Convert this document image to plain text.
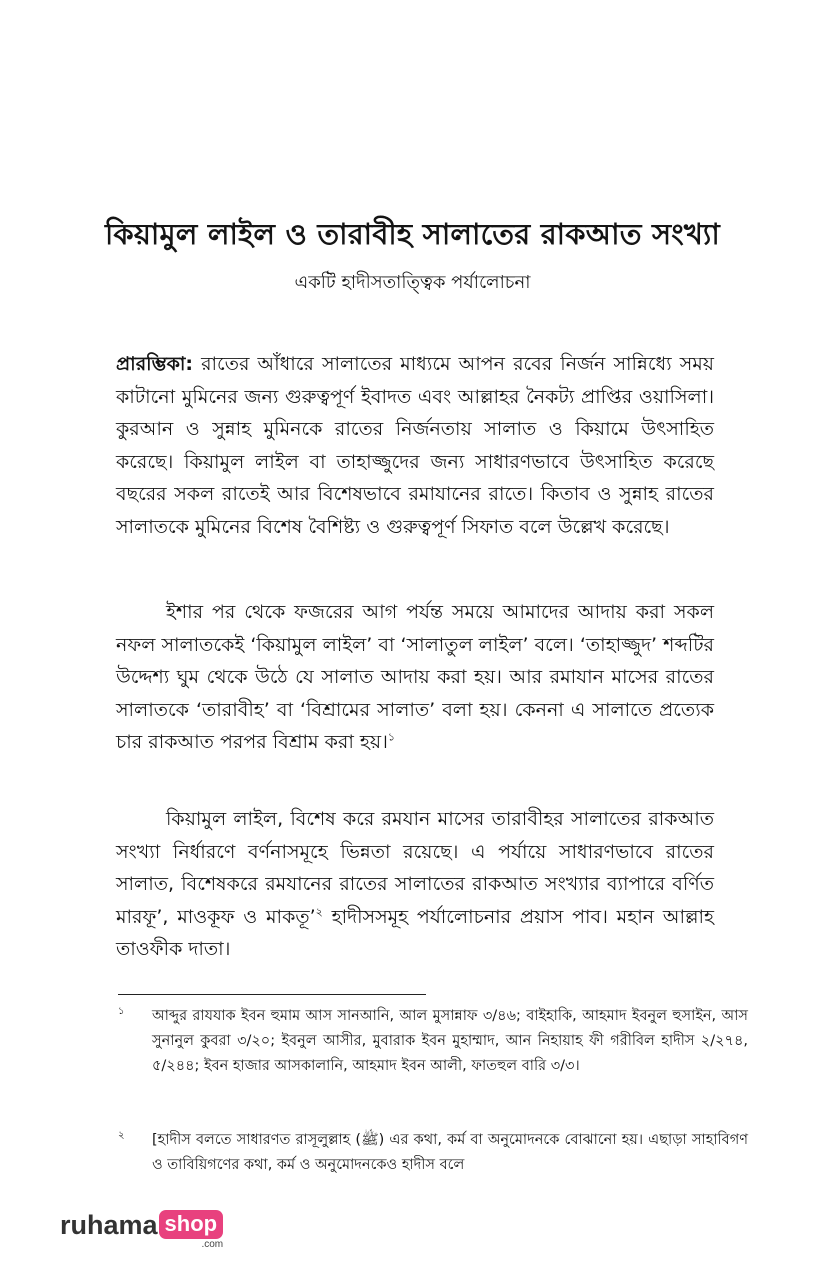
কিয়ামুল লাইল ও তারাবীহ সালাতের রাকআত সংখ্যা
একটি হাদীসতাত্ত্বিক পর্যালোচনা

প্রারম্ভিকা: রাতের আঁধারে সালাতের মাধ্যমে আপন রবের নির্জন সান্নিধ্যে সময় কাটানো মুমিনের জন্য গুরুত্বপূর্ণ ইবাদত এবং আল্লাহর নৈকট্য প্রাপ্তির ওয়াসিলা। কুরআন ও সুন্নাহ মুমিনকে রাতের নির্জনতায় সালাত ও কিয়ামে উৎসাহিত করেছে। কিয়ামুল লাইল বা তাহাজ্জুদের জন্য সাধারণভাবে উৎসাহিত করেছে বছরের সকল রাতেই আর বিশেষভাবে রমাযানের রাতে। কিতাব ও সুন্নাহ রাতের সালাতকে মুমিনের বিশেষ বৈশিষ্ট্য ও গুরুত্বপূর্ণ সিফাত বলে উল্লেখ করেছে।

ইশার পর থেকে ফজরের আগ পর্যন্ত সময়ে আমাদের আদায় করা সকল নফল সালাতকেই ‘কিয়ামুল লাইল’ বা ‘সালাতুল লাইল’ বলে। ‘তাহাজ্জুদ’ শব্দটির উদ্দেশ্য ঘুম থেকে উঠে যে সালাত আদায় করা হয়। আর রমাযান মাসের রাতের সালাতকে ‘তারাবীহ’ বা ‘বিশ্রামের সালাত’ বলা হয়। কেননা এ সালাতে প্রত্যেক চার রাকআত পরপর বিশ্রাম করা হয়।$^১$

কিয়ামুল লাইল, বিশেষ করে রমযান মাসের তারাবীহর সালাতের রাকআত সংখ্যা নির্ধারণে বর্ণনাসমূহে ভিন্নতা রয়েছে। এ পর্যায়ে সাধারণভাবে রাতের সালাত, বিশেষকরে রমযানের রাতের সালাতের রাকআত সংখ্যার ব্যাপারে বর্ণিত মারফূ’, মাওকূফ ও মাকতূ’$^২$ হাদীসসমূহ পর্যালোচনার প্রয়াস পাব। মহান আল্লাহ তাওফীক দাতা।

$^১$ আব্দুর রাযযাক ইবন হুমাম আস সানআনি, আল মুসান্নাফ ৩/৪৬; বাইহাকি, আহমাদ ইবনুল হুসাইন, আস সুনানুল কুবরা ৩/২০; ইবনুল আসীর, মুবারাক ইবন মুহাম্মাদ, আন নিহায়াহ ফী গরীবিল হাদীস ২/২৭৪, ৫/২৪৪; ইবন হাজার আসকালানি, আহমাদ ইবন আলী, ফাতহুল বারি ৩/৩।

$^২$ [হাদীস বলতে সাধারণত রাসূলুল্লাহ (ﷺ) এর কথা, কর্ম বা অনুমোদনকে বোঝানো হয়। এছাড়া সাহাবিগণ ও তাবিয়িগণের কথা, কর্ম ও অনুমোদনকেও হাদীস বলে

ruhama shop
.com
